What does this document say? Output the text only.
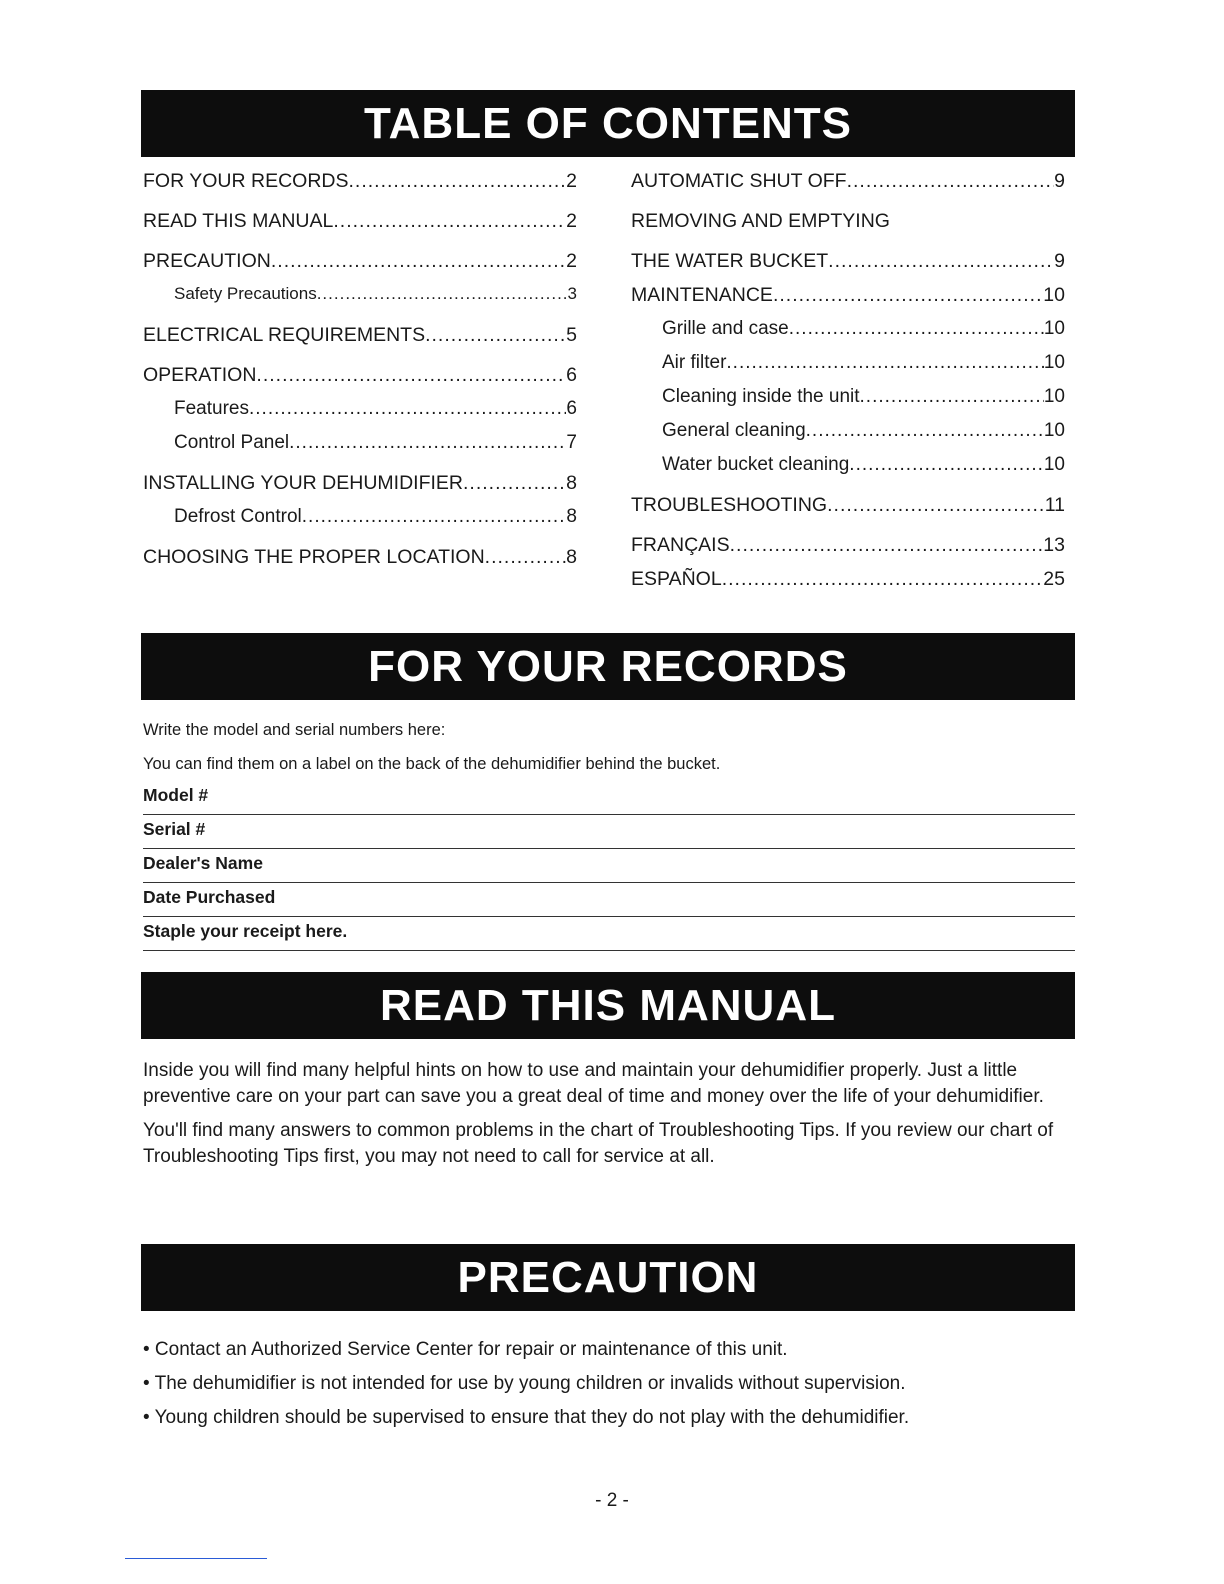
TABLE OF CONTENTS
FOR YOUR RECORDS .....	2
READ THIS MANUAL .....	2
PRECAUTION .....	2
Safety Precautions .....	3
ELECTRICAL REQUIREMENTS .....	5
OPERATION .....	6
Features .....	6
Control Panel .....	7
INSTALLING YOUR DEHUMIDIFIER .....	8
Defrost Control .....	8
CHOOSING THE PROPER LOCATION .....	8
AUTOMATIC SHUT OFF .....	9
REMOVING AND EMPTYING
THE WATER BUCKET .....	9
MAINTENANCE .....	10
Grille and case .....	10
Air filter .....	10
Cleaning inside the unit .....	10
General cleaning .....	10
Water bucket cleaning .....	10
TROUBLESHOOTING .....	11
FRANÇAIS .....	13
ESPAÑOL .....	25
FOR YOUR RECORDS
Write the model and serial numbers here:
You can find them on a label on the back of the dehumidifier behind the bucket.
Model #
Serial #
Dealer's Name
Date Purchased
Staple your receipt here.
READ THIS MANUAL

Inside you will find many helpful hints on how to use and maintain your dehumidifier properly. Just a little preventive care on your part can save you a great deal of time and money over the life of your dehumidifier.

You'll find many answers to common problems in the chart of Troubleshooting Tips. If you review our chart of Troubleshooting Tips first, you may not need to call for service at all.

PRECAUTION
• Contact an Authorized Service Center for repair or maintenance of this unit.
• The dehumidifier is not intended for use by young children or invalids without supervision.
• Young children should be supervised to ensure that they do not play with the dehumidifier.
- 2 -
